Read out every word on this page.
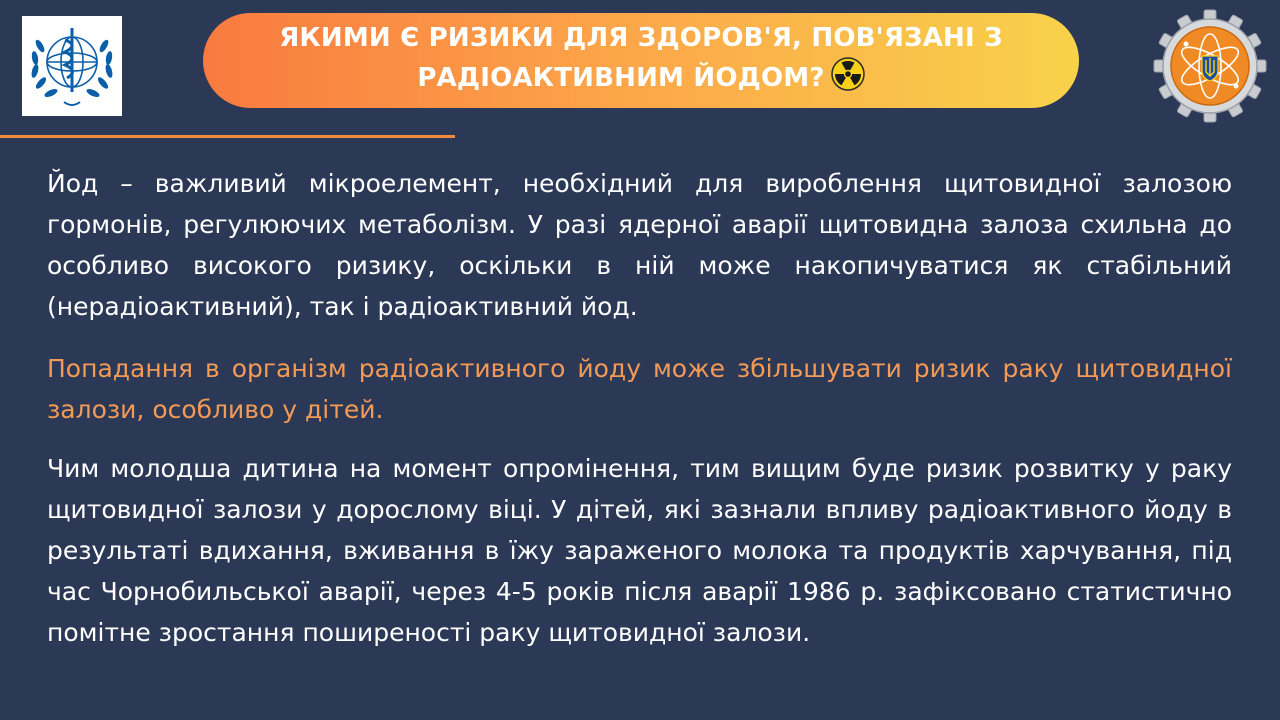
ЯКИМИ Є РИЗИКИ ДЛЯ ЗДОРОВ'Я, ПОВ'ЯЗАНІ З
РАДІОАКТИВНИМ ЙОДОМ?

Йод – важливий мікроелемент, необхідний для вироблення щитовидної залозою гормонів, регулюючих метаболізм. У разі ядерної аварії щитовидна залоза схильна до особливо високого ризику, оскільки в ній може накопичуватися як стабільний (нерадіоактивний), так і радіоактивний йод.

Попадання в організм радіоактивного йоду може збільшувати ризик раку щитовидної залози, особливо у дітей.

Чим молодша дитина на момент опромінення, тим вищим буде ризик розвитку у раку щитовидної залози у дорослому віці. У дітей, які зазнали впливу радіоактивного йоду в результаті вдихання, вживання в їжу зараженого молока та продуктів харчування, під час Чорнобильської аварії, через 4-5 років після аварії 1986 р. зафіксовано статистично помітне зростання поширеності раку щитовидної залози.
